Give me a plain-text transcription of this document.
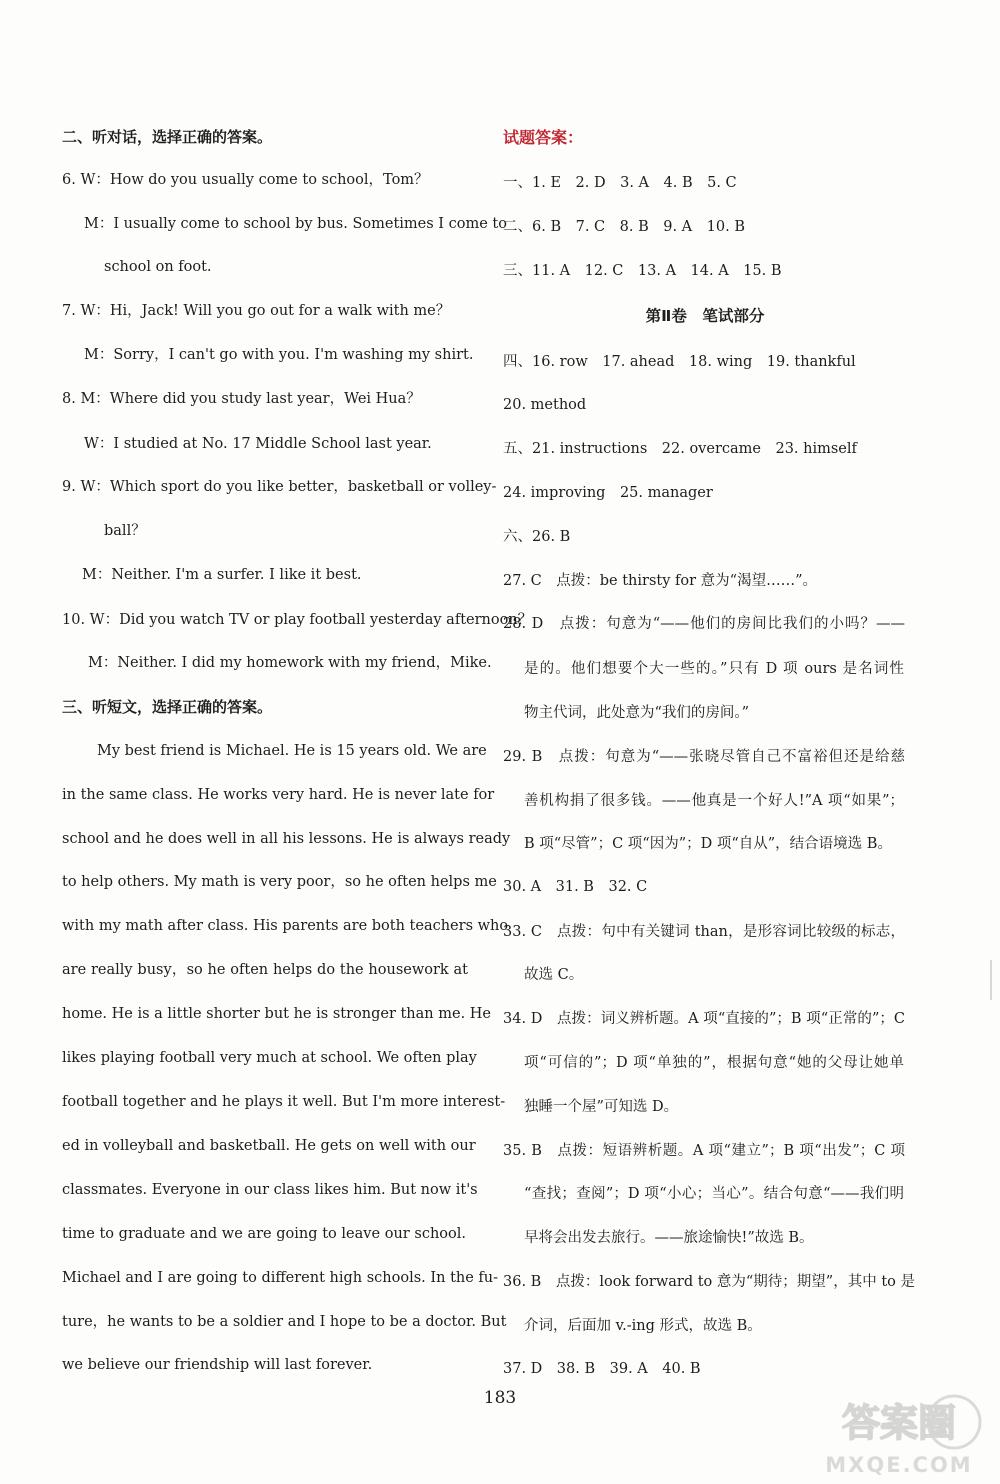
二、听对话，选择正确的答案。
6. W：How do you usually come to school，Tom？
M：I usually come to school by bus. Sometimes I come to
school on foot.
7. W：Hi，Jack! Will you go out for a walk with me？
M：Sorry，I can't go with you. I'm washing my shirt.
8. M：Where did you study last year，Wei Hua？
W：I studied at No. 17 Middle School last year.
9. W：Which sport do you like better，basketball or volley-
ball？
M：Neither. I'm a surfer. I like it best.
10. W：Did you watch TV or play football yesterday afternoon？
M：Neither. I did my homework with my friend，Mike.
三、听短文，选择正确的答案。
My best friend is Michael. He is 15 years old. We are
in the same class. He works very hard. He is never late for
school and he does well in all his lessons. He is always ready
to help others. My math is very poor，so he often helps me
with my math after class. His parents are both teachers who
are really busy，so he often helps do the housework at
home. He is a little shorter but he is stronger than me. He
likes playing football very much at school. We often play
football together and he plays it well. But I'm more interest-
ed in volleyball and basketball. He gets on well with our
classmates. Everyone in our class likes him. But now it's
time to graduate and we are going to leave our school.
Michael and I are going to different high schools. In the fu-
ture，he wants to be a soldier and I hope to be a doctor. But
we believe our friendship will last forever.
试题答案：
一、1. E　2. D　3. A　4. B　5. C
二、6. B　7. C　8. B　9. A　10. B
三、11. A　12. C　13. A　14. A　15. B
第Ⅱ卷　笔试部分
四、16. row　17. ahead　18. wing　19. thankful
20. method
五、21. instructions　22. overcame　23. himself
24. improving　25. manager
六、26. B
27. C　点拨：be thirsty for 意为“渴望……”。
28. D　点拨：句意为“——他们的房间比我们的小吗？——
是的。他们想要个大一些的。”只有 D 项 ours 是名词性
物主代词，此处意为“我们的房间。”
29. B　点拨：句意为“——张晓尽管自己不富裕但还是给慈
善机构捐了很多钱。——他真是一个好人!”A 项“如果”；
B 项“尽管”；C 项“因为”；D 项“自从”，结合语境选 B。
30. A　31. B　32. C
33. C　点拨：句中有关键词 than，是形容词比较级的标志，
故选 C。
34. D　点拨：词义辨析题。A 项“直接的”；B 项“正常的”；C
项“可信的”；D 项“单独的”，根据句意“她的父母让她单
独睡一个屋”可知选 D。
35. B　点拨：短语辨析题。A 项“建立”；B 项“出发”；C 项
“查找；查阅”；D 项“小心；当心”。结合句意“——我们明
早将会出发去旅行。——旅途愉快!”故选 B。
36. B　点拨：look forward to 意为“期待；期望”，其中 to 是
介词，后面加 v.-ing 形式，故选 B。
37. D　38. B　39. A　40. B
183
答案圈
MXQE.COM
